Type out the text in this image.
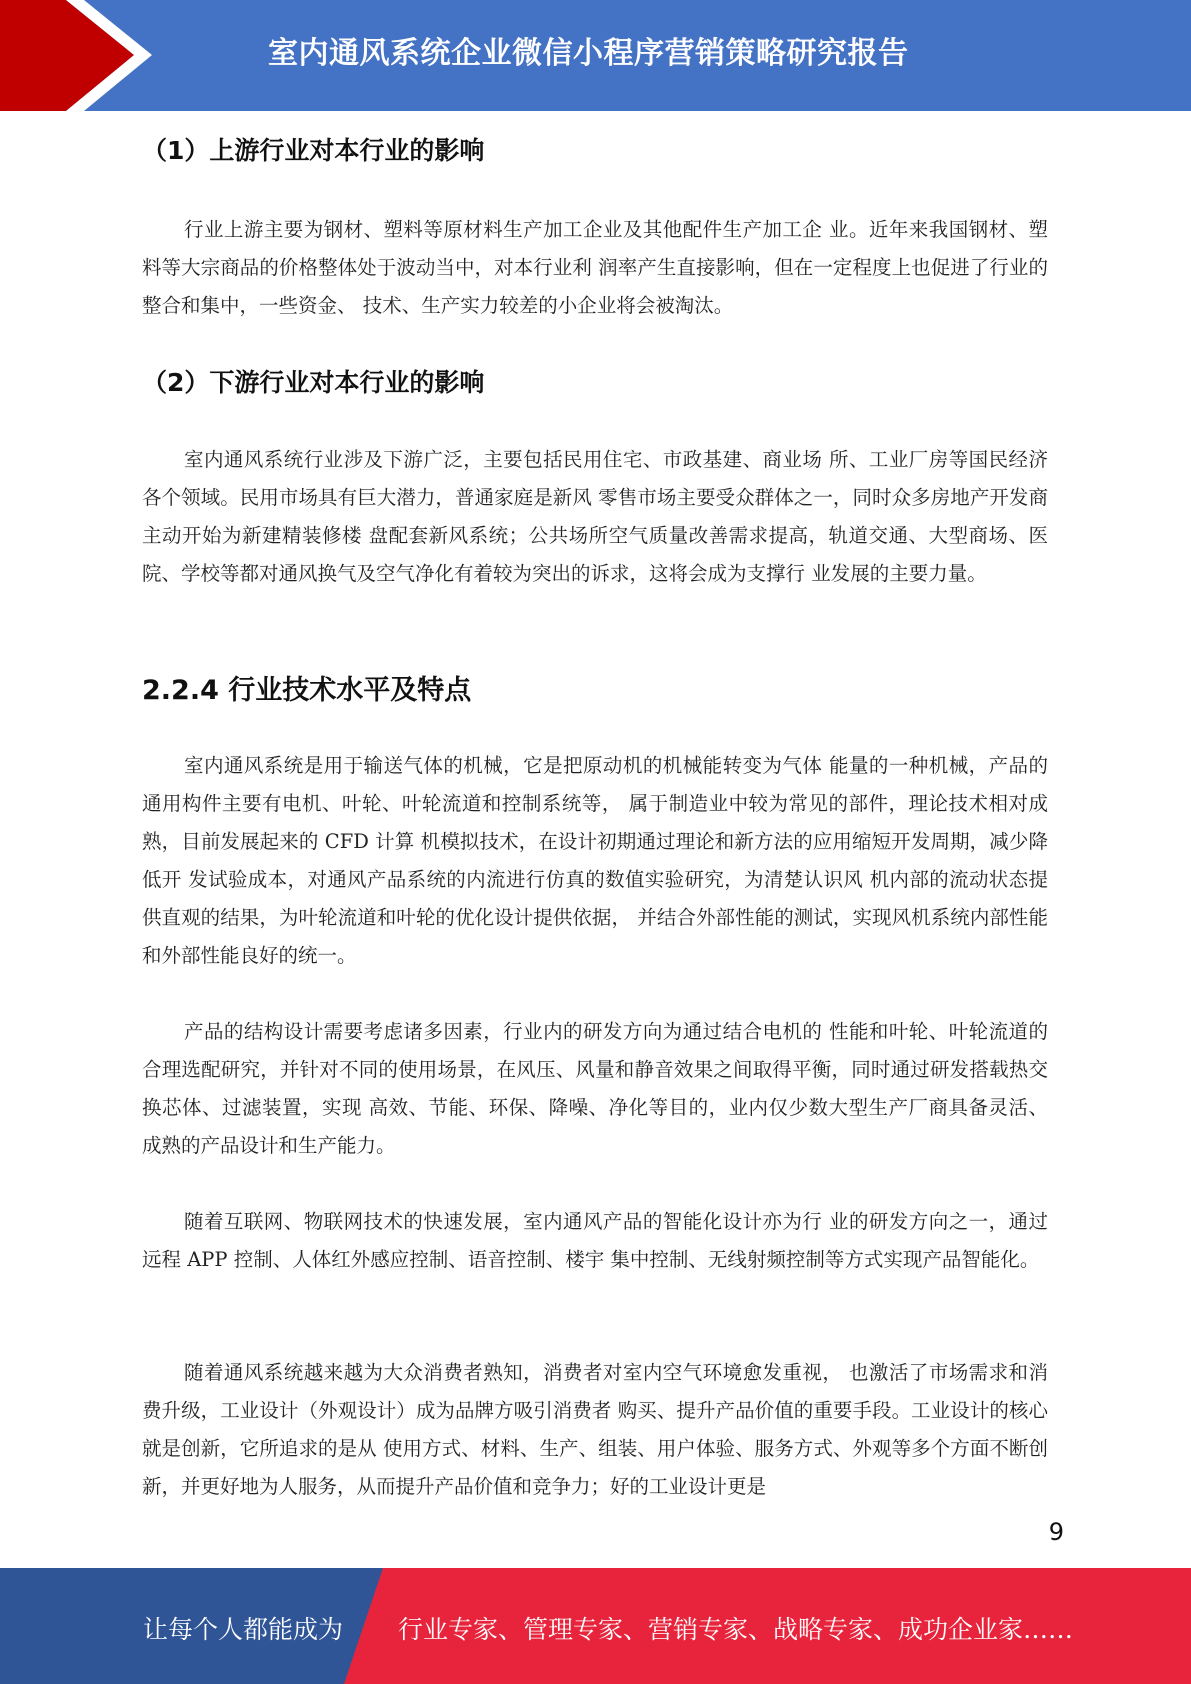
室内通风系统企业微信小程序营销策略研究报告
（1）上游行业对本行业的影响

行业上游主要为钢材、塑料等原材料生产加工企业及其他配件生产加工企 业。近年来我国钢材、塑料等大宗商品的价格整体处于波动当中，对本行业利 润率产生直接影响，但在一定程度上也促进了行业的整合和集中，一些资金、 技术、生产实力较差的小企业将会被淘汰。

（2）下游行业对本行业的影响

室内通风系统行业涉及下游广泛，主要包括民用住宅、市政基建、商业场 所、工业厂房等国民经济各个领域。民用市场具有巨大潜力，普通家庭是新风 零售市场主要受众群体之一，同时众多房地产开发商主动开始为新建精装修楼 盘配套新风系统；公共场所空气质量改善需求提高，轨道交通、大型商场、医 院、学校等都对通风换气及空气净化有着较为突出的诉求，这将会成为支撑行 业发展的主要力量。

2.2.4 行业技术水平及特点

室内通风系统是用于输送气体的机械，它是把原动机的机械能转变为气体 能量的一种机械，产品的通用构件主要有电机、叶轮、叶轮流道和控制系统等， 属于制造业中较为常见的部件，理论技术相对成熟，目前发展起来的 CFD 计算 机模拟技术，在设计初期通过理论和新方法的应用缩短开发周期，减少降低开 发试验成本，对通风产品系统的内流进行仿真的数值实验研究，为清楚认识风 机内部的流动状态提供直观的结果，为叶轮流道和叶轮的优化设计提供依据， 并结合外部性能的测试，实现风机系统内部性能和外部性能良好的统一。

产品的结构设计需要考虑诸多因素，行业内的研发方向为通过结合电机的 性能和叶轮、叶轮流道的合理选配研究，并针对不同的使用场景，在风压、风量和静音效果之间取得平衡，同时通过研发搭载热交换芯体、过滤装置，实现 高效、节能、环保、降噪、净化等目的，业内仅少数大型生产厂商具备灵活、 成熟的产品设计和生产能力。

随着互联网、物联网技术的快速发展，室内通风产品的智能化设计亦为行 业的研发方向之一，通过远程 APP 控制、人体红外感应控制、语音控制、楼宇 集中控制、无线射频控制等方式实现产品智能化。

随着通风系统越来越为大众消费者熟知，消费者对室内空气环境愈发重视， 也激活了市场需求和消费升级，工业设计（外观设计）成为品牌方吸引消费者 购买、提升产品价值的重要手段。工业设计的核心就是创新，它所追求的是从 使用方式、材料、生产、组装、用户体验、服务方式、外观等多个方面不断创 新，并更好地为人服务，从而提升产品价值和竞争力；好的工业设计更是

9
让每个人都能成为 行业专家、管理专家、营销专家、战略专家、成功企业家……
